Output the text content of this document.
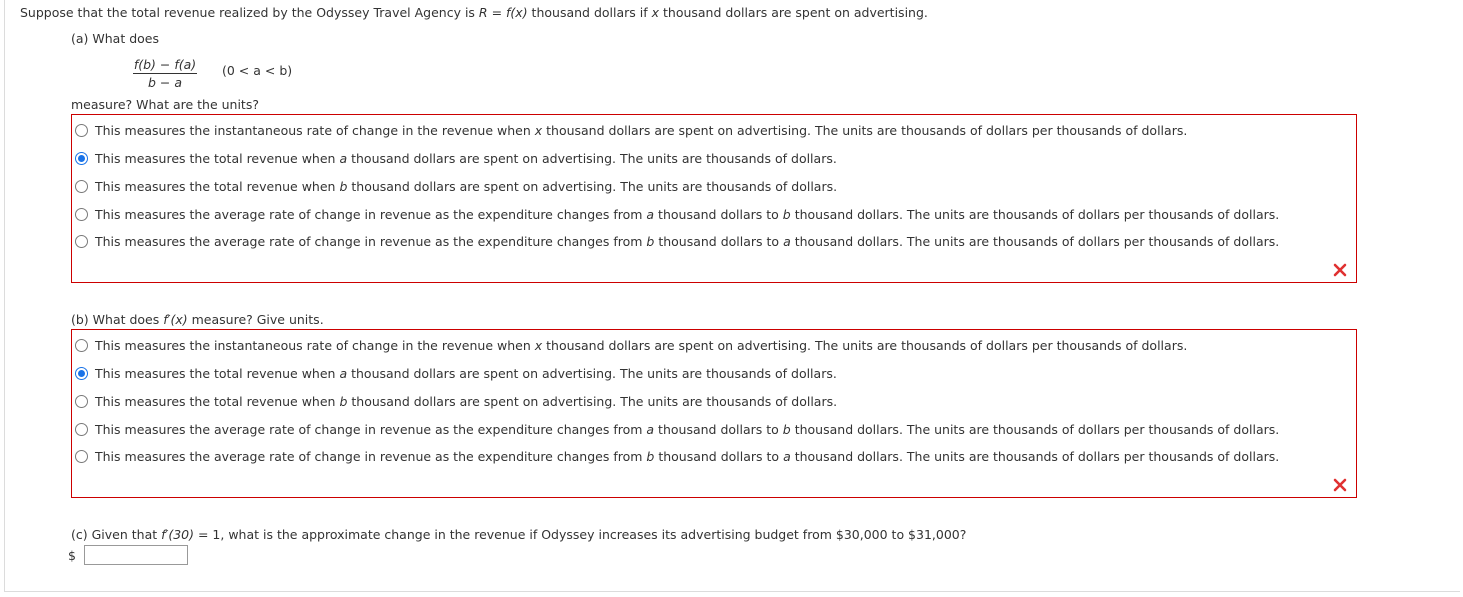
Suppose that the total revenue realized by the Odyssey Travel Agency is R = f(x) thousand dollars if x thousand dollars are spent on advertising.
(a) What does
$\frac{f(b) - f(a)}{b - a} (0 < a < b)$
measure? What are the units?
This measures the instantaneous rate of change in the revenue when x thousand dollars are spent on advertising. The units are thousands of dollars per thousands of dollars.
This measures the total revenue when a thousand dollars are spent on advertising. The units are thousands of dollars.
This measures the total revenue when b thousand dollars are spent on advertising. The units are thousands of dollars.
This measures the average rate of change in revenue as the expenditure changes from a thousand dollars to b thousand dollars. The units are thousands of dollars per thousands of dollars.
This measures the average rate of change in revenue as the expenditure changes from b thousand dollars to a thousand dollars. The units are thousands of dollars per thousands of dollars.
(b) What does f′(x) measure? Give units.
This measures the instantaneous rate of change in the revenue when x thousand dollars are spent on advertising. The units are thousands of dollars per thousands of dollars.
This measures the total revenue when a thousand dollars are spent on advertising. The units are thousands of dollars.
This measures the total revenue when b thousand dollars are spent on advertising. The units are thousands of dollars.
This measures the average rate of change in revenue as the expenditure changes from a thousand dollars to b thousand dollars. The units are thousands of dollars per thousands of dollars.
This measures the average rate of change in revenue as the expenditure changes from b thousand dollars to a thousand dollars. The units are thousands of dollars per thousands of dollars.
(c) Given that f′(30) = 1, what is the approximate change in the revenue if Odyssey increases its advertising budget from $30,000 to $31,000?
$
